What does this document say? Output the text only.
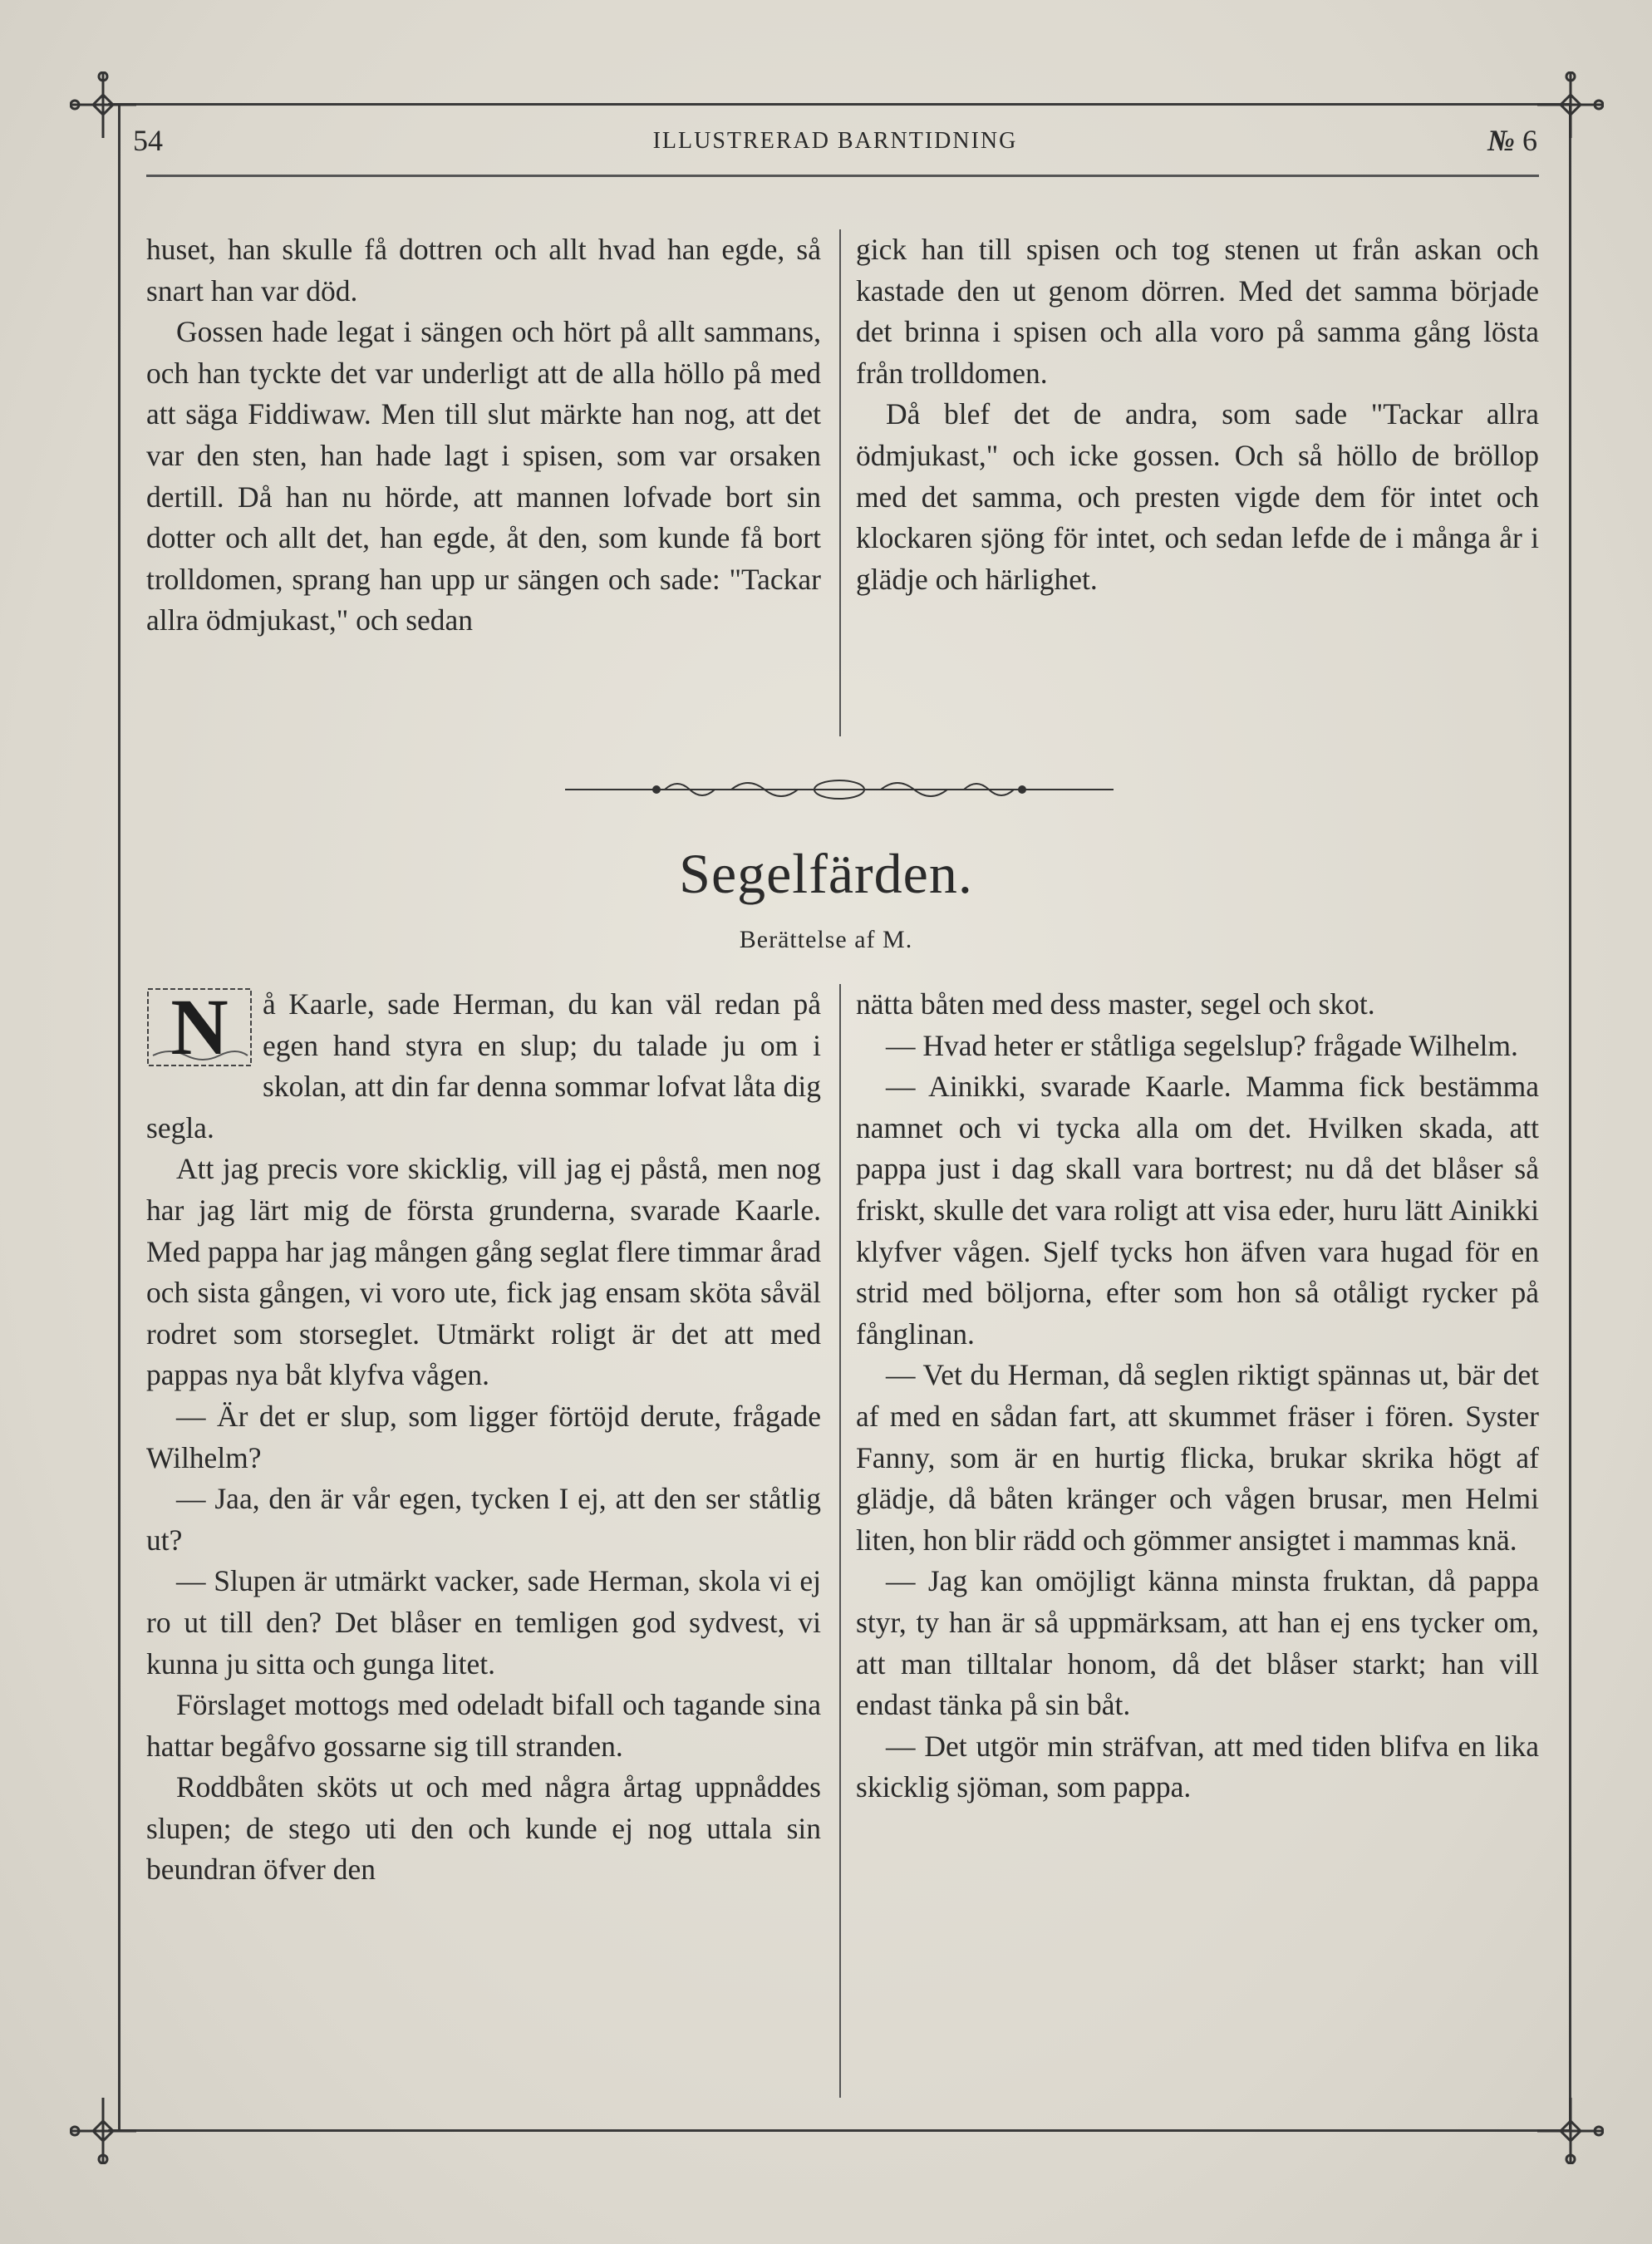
54	ILLUSTRERAD BARNTIDNING	№ 6

huset, han skulle få dottren och allt hvad han egde, så snart han var död.

Gossen hade legat i sängen och hört på allt sammans, och han tyckte det var underligt att de alla höllo på med att säga Fiddiwaw. Men till slut märkte han nog, att det var den sten, han hade lagt i spisen, som var orsaken dertill. Då han nu hörde, att mannen lofvade bort sin dotter och allt det, han egde, åt den, som kunde få bort trolldomen, sprang han upp ur sängen och sade: "Tackar allra ödmjukast," och sedan

gick han till spisen och tog stenen ut från askan och kastade den ut genom dörren. Med det samma började det brinna i spisen och alla voro på samma gång lösta från trolldomen.

Då blef det de andra, som sade "Tackar allra ödmjukast," och icke gossen. Och så höllo de bröllop med det samma, och presten vigde dem för intet och klockaren sjöng för intet, och sedan lefde de i många år i glädje och härlighet.

Segelfärden.
Berättelse af M.
N	å Kaarle, sade Herman, du kan väl redan på egen hand styra en slup; du talade ju om i skolan, att din far denna sommar lofvat låta dig segla.

Att jag precis vore skicklig, vill jag ej påstå, men nog har jag lärt mig de första grunderna, svarade Kaarle. Med pappa har jag mången gång seglat flere timmar årad och sista gången, vi voro ute, fick jag ensam sköta såväl rodret som storseglet. Utmärkt roligt är det att med pappas nya båt klyfva vågen.

— Är det er slup, som ligger förtöjd derute, frågade Wilhelm?

— Jaa, den är vår egen, tycken I ej, att den ser ståtlig ut?

— Slupen är utmärkt vacker, sade Herman, skola vi ej ro ut till den? Det blåser en temligen god sydvest, vi kunna ju sitta och gunga litet.

Förslaget mottogs med odeladt bifall och tagande sina hattar begåfvo gossarne sig till stranden.

Roddbåten sköts ut och med några årtag uppnåddes slupen; de stego uti den och kunde ej nog uttala sin beundran öfver den

nätta båten med dess master, segel och skot.

— Hvad heter er ståtliga segelslup? frågade Wilhelm.

— Ainikki, svarade Kaarle. Mamma fick bestämma namnet och vi tycka alla om det. Hvilken skada, att pappa just i dag skall vara bortrest; nu då det blåser så friskt, skulle det vara roligt att visa eder, huru lätt Ainikki klyfver vågen. Sjelf tycks hon äfven vara hugad för en strid med böljorna, efter som hon så otåligt rycker på fånglinan.

— Vet du Herman, då seglen riktigt spännas ut, bär det af med en sådan fart, att skummet fräser i fören. Syster Fanny, som är en hurtig flicka, brukar skrika högt af glädje, då båten kränger och vågen brusar, men Helmi liten, hon blir rädd och gömmer ansigtet i mammas knä.

— Jag kan omöjligt känna minsta fruktan, då pappa styr, ty han är så uppmärksam, att han ej ens tycker om, att man tilltalar honom, då det blåser starkt; han vill endast tänka på sin båt.

— Det utgör min sträfvan, att med tiden blifva en lika skicklig sjöman, som pappa.
